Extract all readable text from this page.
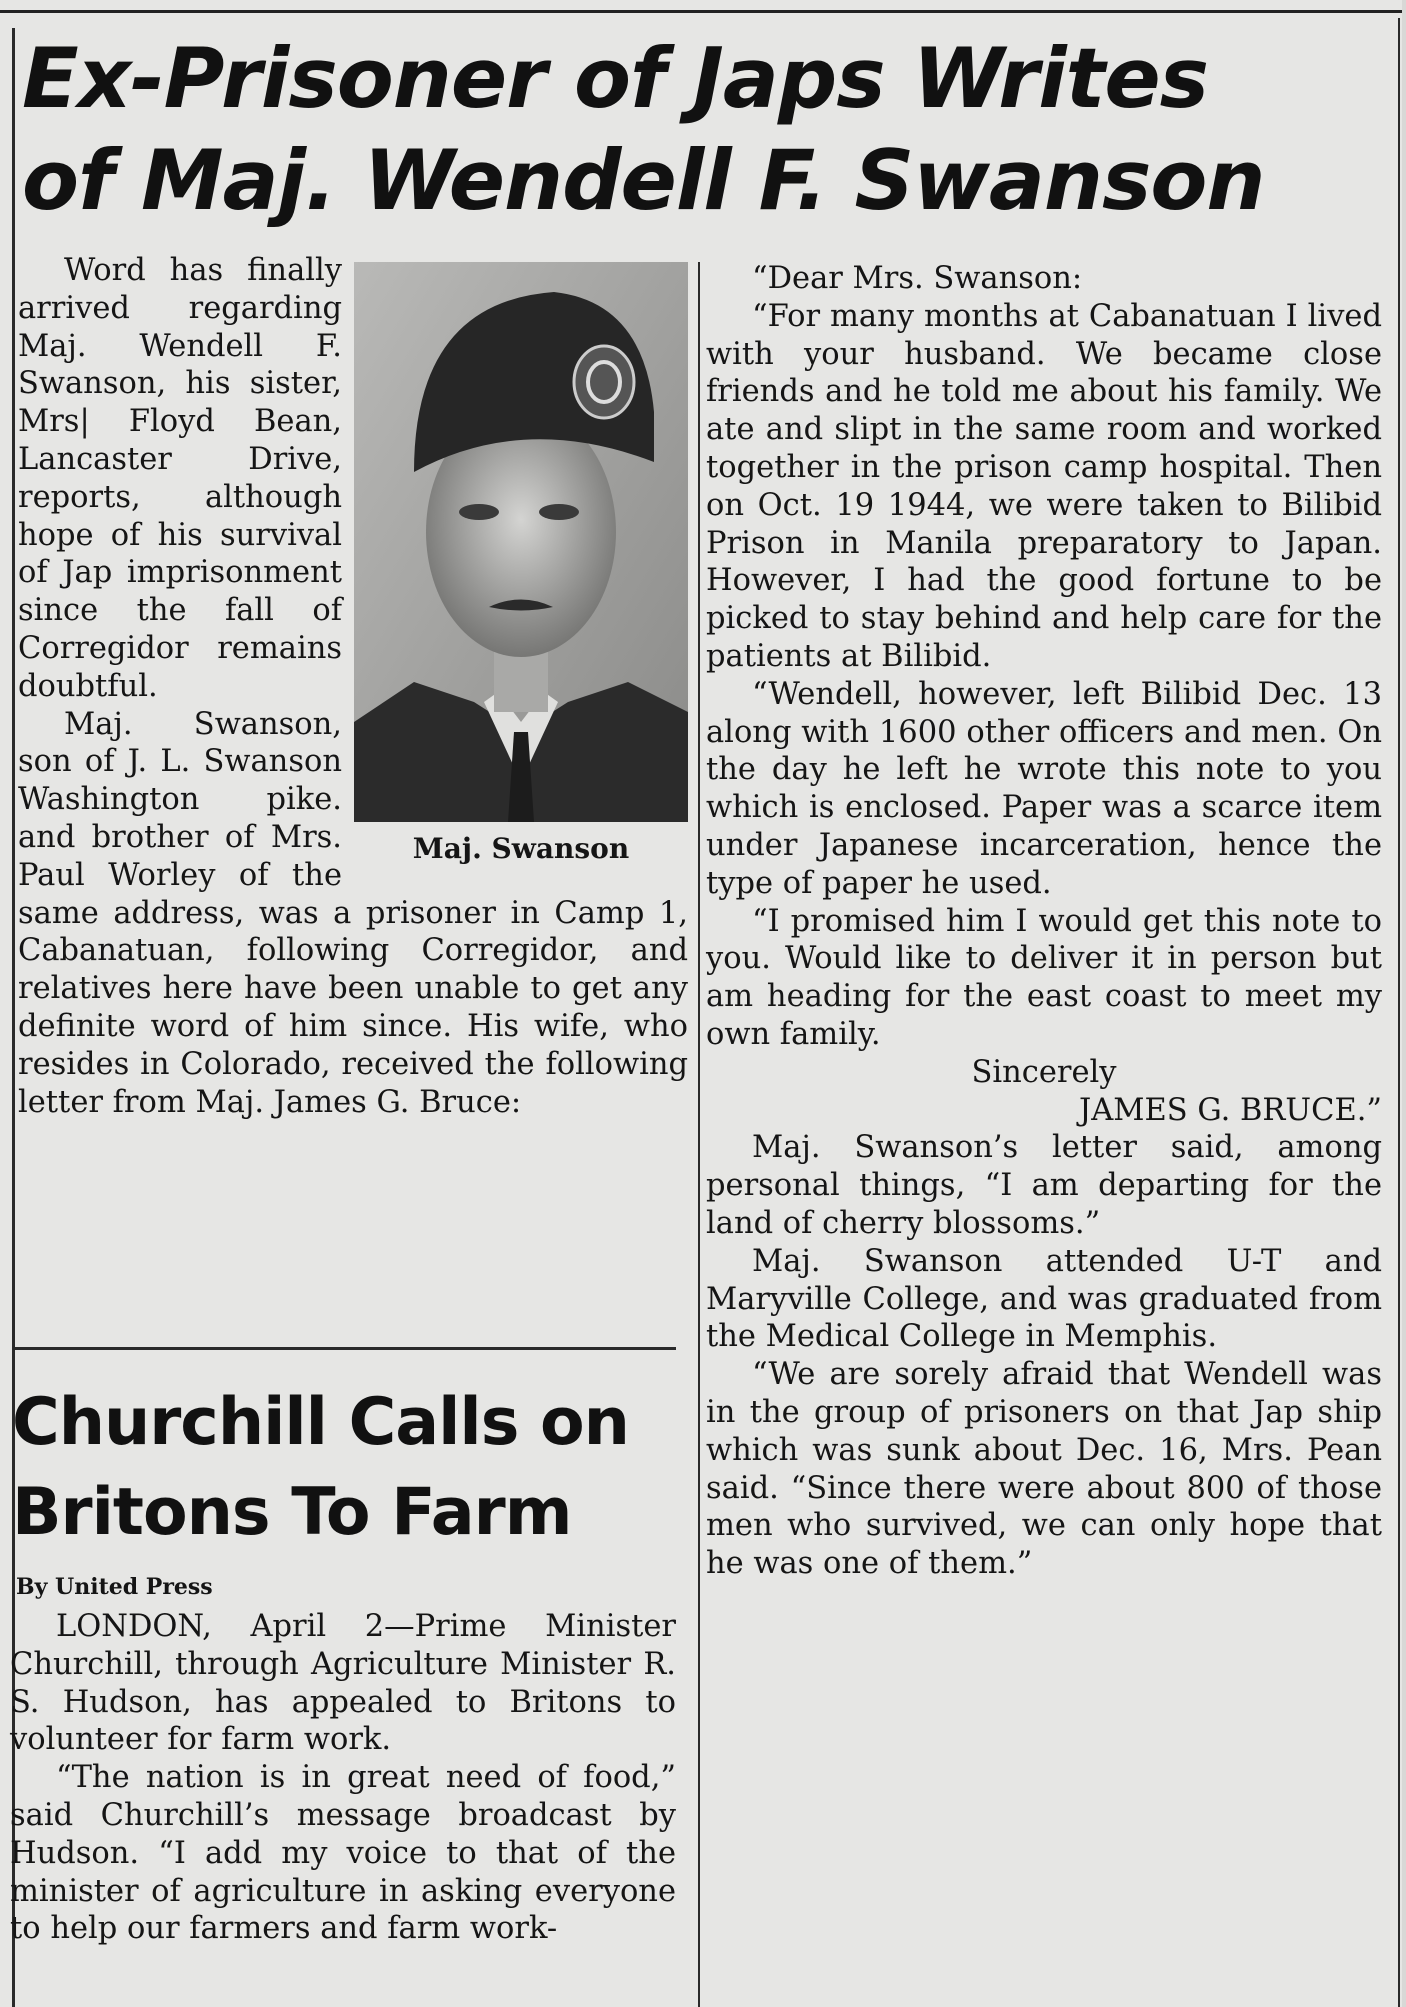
Ex-Prisoner of Japs Writes of Maj. Wendell F. Swanson
Maj. Swanson

Word has finally arrived regarding Maj. Wendell F. Swanson, his sister, Mrs| Floyd Bean, Lancaster Drive, reports, although hope of his survival of Jap imprisonment since the fall of Corregidor remains doubtful.

Maj. Swanson, son of J. L. Swanson Washington pike. and brother of Mrs. Paul Worley of the same address, was a prisoner in Camp 1, Cabanatuan, following Corregidor, and relatives here have been unable to get any definite word of him since. His wife, who resides in Colorado, received the following letter from Maj. James G. Bruce:

Churchill Calls on Britons To Farm
By United Press

LONDON, April 2—Prime Minister Churchill, through Agriculture Minister R. S. Hudson, has appealed to Britons to volunteer for farm work.

“The nation is in great need of food,” said Churchill’s message broadcast by Hudson. “I add my voice to that of the minister of agriculture in asking everyone to help our farmers and farm work-

“Dear Mrs. Swanson:

“For many months at Cabanatuan I lived with your husband. We became close friends and he told me about his family. We ate and slipt in the same room and worked together in the prison camp hospital. Then on Oct. 19 1944, we were taken to Bilibid Prison in Manila preparatory to Japan. However, I had the good fortune to be picked to stay behind and help care for the patients at Bilibid.

“Wendell, however, left Bilibid Dec. 13 along with 1600 other officers and men. On the day he left he wrote this note to you which is enclosed. Paper was a scarce item under Japanese incarceration, hence the type of paper he used.

“I promised him I would get this note to you. Would like to deliver it in person but am heading for the east coast to meet my own family.

Sincerely

JAMES G. BRUCE.”

Maj. Swanson’s letter said, among personal things, “I am departing for the land of cherry blossoms.”

Maj. Swanson attended U-T and Maryville College, and was graduated from the Medical College in Memphis.

“We are sorely afraid that Wendell was in the group of prisoners on that Jap ship which was sunk about Dec. 16, Mrs. Pean said. “Since there were about 800 of those men who survived, we can only hope that he was one of them.”
